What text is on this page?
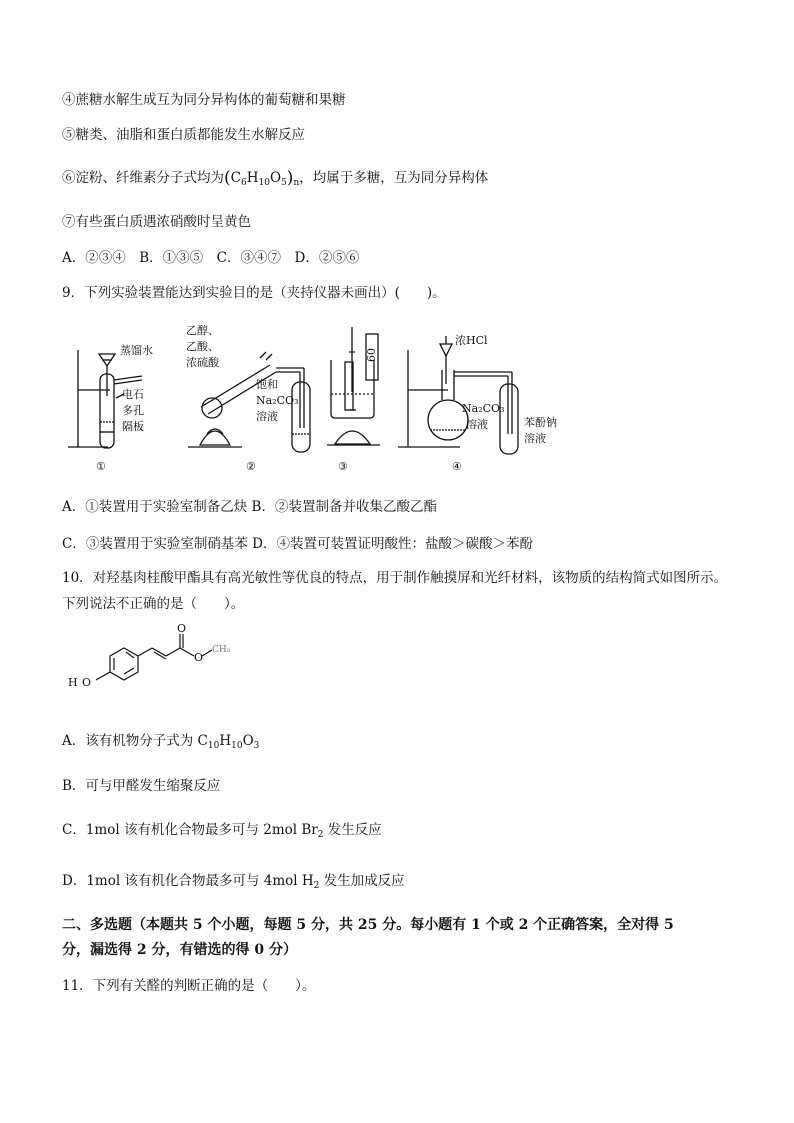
④蔗糖水解生成互为同分异构体的葡萄糖和果糖
⑤糖类、油脂和蛋白质都能发生水解反应
⑥淀粉、纤维素分子式均为$(C_6H_{10}O_5)_n$，均属于多糖，互为同分异构体
⑦有些蛋白质遇浓硝酸时呈黄色
A．②③④　B．①③⑤　C．③④⑦　D．②⑤⑥
9．下列实验装置能达到实验目的是（夹持仪器未画出）(　　)。
蒸馏水
电石
多孔
隔板
乙醇、
乙酸、
浓硫酸
饱和
Na₂CO₃
溶液
60
浓HCl
Na₂CO₃
溶液	苯酚钠
溶液
①	②	③	④
A．①装置用于实验室制备乙炔 B．②装置制备并收集乙酸乙酯
C．③装置用于实验室制硝基苯 D．④装置可装置证明酸性：盐酸＞碳酸＞苯酚
10．对羟基肉桂酸甲酯具有高光敏性等优良的特点，用于制作触摸屏和光纤材料，该物质的结构简式如图所示。
下列说法不正确的是（　　）。
O
O
CH₃
H O
A．该有机物分子式为 $C_{10}H_{10}O_3$
B．可与甲醛发生缩聚反应
C．1mol 该有机化合物最多可与 2mol $Br_2$ 发生反应
D．1mol 该有机化合物最多可与 4mol $H_2$ 发生加成反应
二、多选题（本题共 5 个小题，每题 5 分，共 25 分。每小题有 1 个或 2 个正确答案，全对得 5
分，漏选得 2 分，有错选的得 0 分）
11．下列有关醛的判断正确的是（　　）。
